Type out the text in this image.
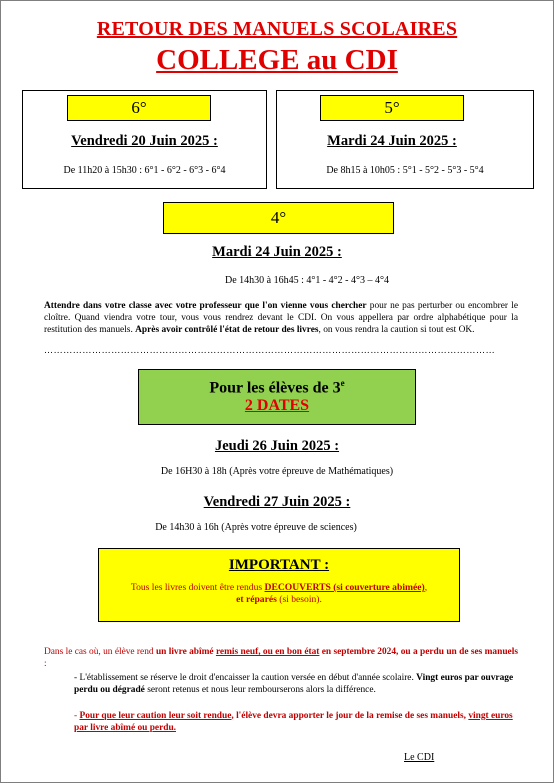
RETOUR DES MANUELS SCOLAIRES
COLLEGE au CDI
6°
Vendredi 20 Juin 2025 :
De 11h20 à 15h30 : 6°1 - 6°2 - 6°3 - 6°4
5°
Mardi 24 Juin 2025 :
De 8h15 à 10h05 : 5°1 - 5°2 - 5°3 - 5°4
4°
Mardi 24 Juin 2025 :
De 14h30 à 16h45 : 4°1 - 4°2 - 4°3 – 4°4
Attendre dans votre classe avec votre professeur que l'on vienne vous chercher pour ne pas perturber ou encombrer le cloître. Quand viendra votre tour, vous vous rendrez devant le CDI. On vous appellera par ordre alphabétique pour la restitution des manuels. Après avoir contrôlé l'état de retour des livres, on vous rendra la caution si tout est OK.
……………………………………………………………………………………………………………………………
Pour les élèves de 3e
2 DATES
Jeudi 26 Juin 2025 :
De 16H30 à 18h (Après votre épreuve de Mathématiques)
Vendredi 27 Juin 2025 :
De 14h30 à 16h (Après votre épreuve de sciences)
IMPORTANT :
Tous les livres doivent être rendus DECOUVERTS (si couverture abimée),
et réparés (si besoin).
Dans le cas où, un élève rend un livre abîmé remis neuf, ou en bon état en septembre 2024, ou a perdu un de ses manuels :
- L'établissement se réserve le droit d'encaisser la caution versée en début d'année scolaire. Vingt euros par ouvrage perdu ou dégradé seront retenus et nous leur rembourserons alors la différence.
- Pour que leur caution leur soit rendue, l'élève devra apporter le jour de la remise de ses manuels, vingt euros par livre abîmé ou perdu.
Le CDI
